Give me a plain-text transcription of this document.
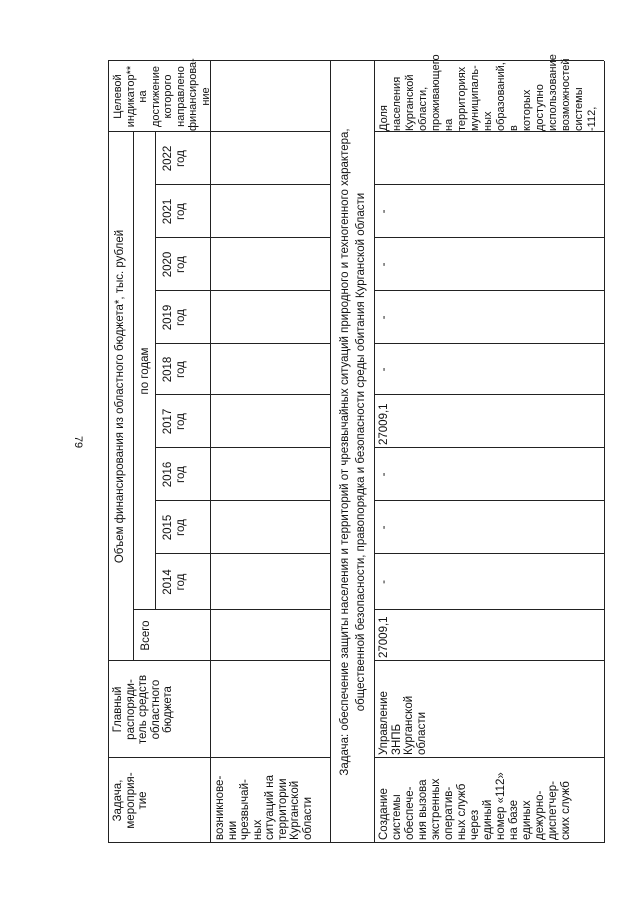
79
Задача,
мероприя-
тие
Главный
распоряди-
тель средств
областного
бюджета
Объем финансирования из областного бюджета*, тыс. рублей
Всего
по годам
2014
год
2015
год
2016
год
2017
год
2018
год
2019
год
2020
год
2021
год
2022
год
Целевой
индикатор** на
достижение
которого
направлено
финансирова-
ние
возникнове-
нии
чрезвычай-
ных
ситуаций на
территории
Курганской
области
Задача: обеспечение защиты населения и территорий от чрезвычайных ситуаций природного и техногенного характера,
общественной безопасности, правопорядка и безопасности среды обитания Курганской области
Создание
системы
обеспече-
ния вызова
экстренных
оператив-
ных служб
через
единый
номер «112»
на базе
единых
дежурно-
диспетчер-
ских служб
Управление
ЗНПБ
Курганской
области
27009,1
-
-
-
27009,1
-
-
-
-
Доля
населения
Курганской
области,
проживающего
на
территориях
муниципаль-
ных
образований, в
которых
доступно
использование
возможностей
системы -112,
